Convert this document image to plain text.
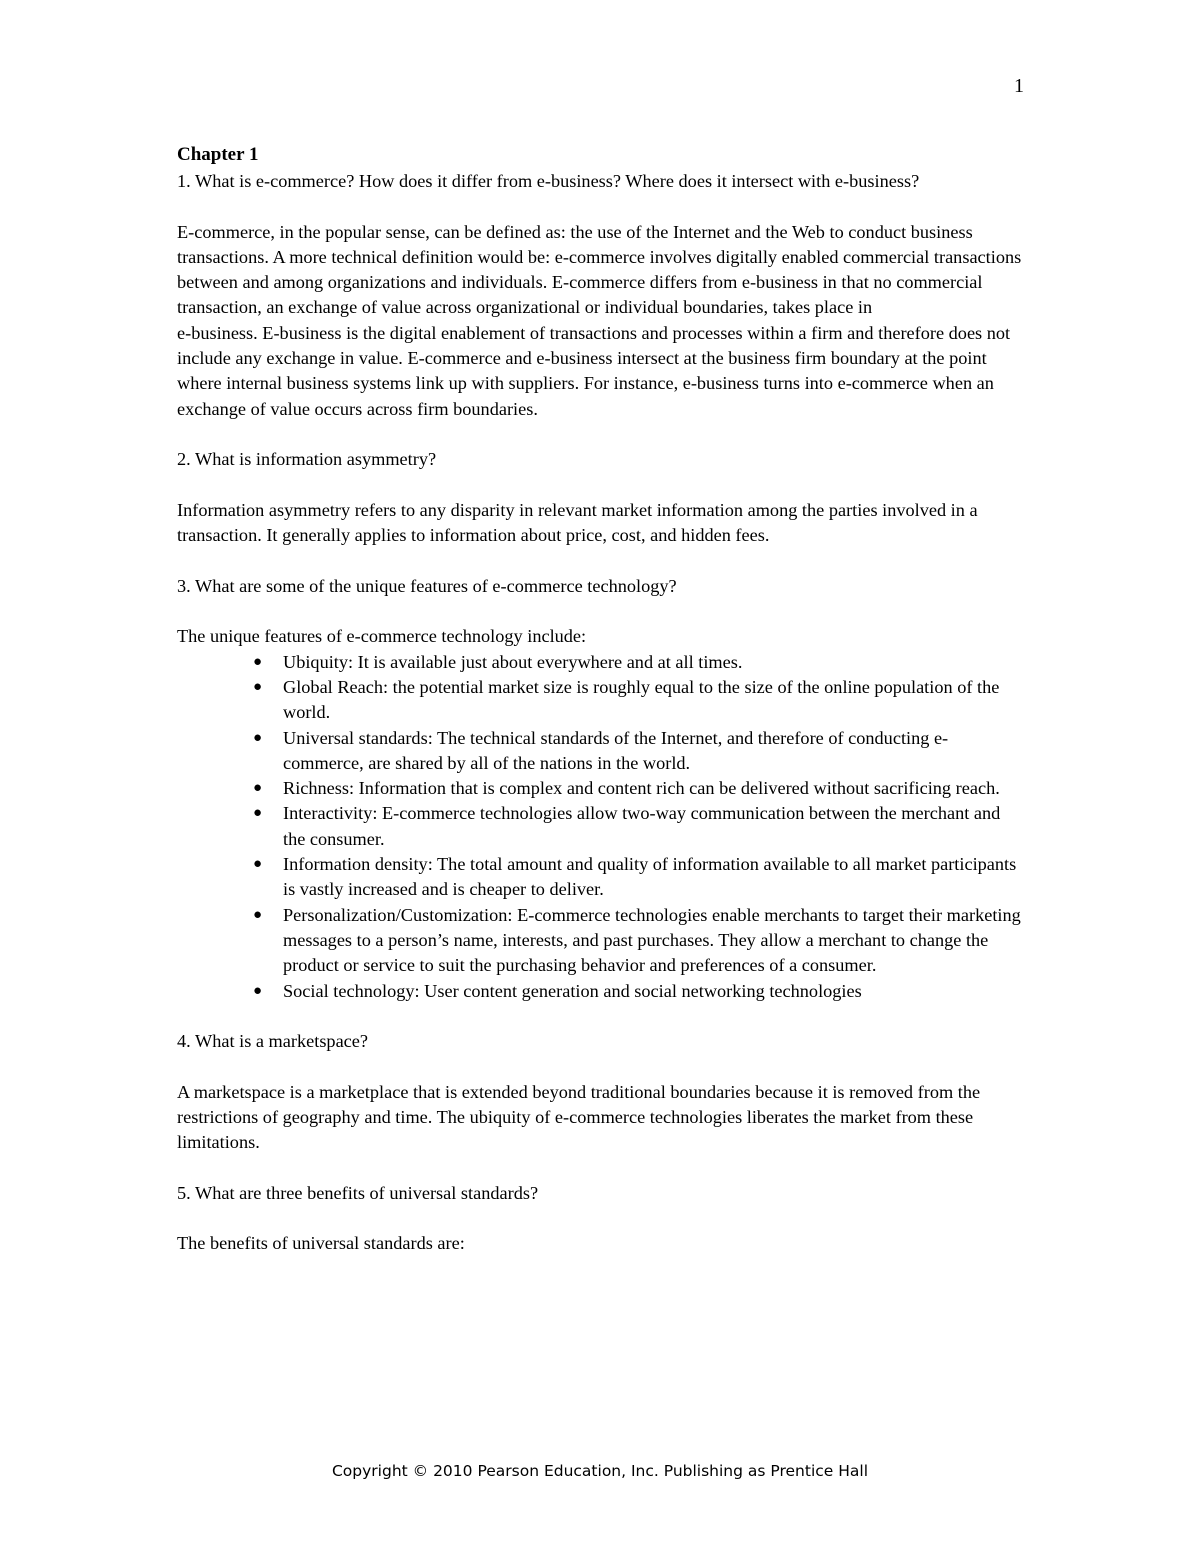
1

Chapter 1

1. What is e-commerce? How does it differ from e-business? Where does it intersect with e-business?

E-commerce, in the popular sense, can be defined as: the use of the Internet and the Web to conduct business transactions. A more technical definition would be: e-commerce involves digitally enabled commercial transactions between and among organizations and individuals. E-commerce differs from e-business in that no commercial transaction, an exchange of value across organizational or individual boundaries, takes place in
e-business. E-business is the digital enablement of transactions and processes within a firm and therefore does not include any exchange in value. E-commerce and e-business intersect at the business firm boundary at the point where internal business systems link up with suppliers. For instance, e-business turns into e-commerce when an exchange of value occurs across firm boundaries.

2. What is information asymmetry?

Information asymmetry refers to any disparity in relevant market information among the parties involved in a transaction. It generally applies to information about price, cost, and hidden fees.

3. What are some of the unique features of e-commerce technology?

The unique features of e-commerce technology include:

● Ubiquity: It is available just about everywhere and at all times.
● Global Reach: the potential market size is roughly equal to the size of the online population of the world.
● Universal standards: The technical standards of the Internet, and therefore of conducting e-commerce, are shared by all of the nations in the world.
● Richness: Information that is complex and content rich can be delivered without sacrificing reach.
● Interactivity: E-commerce technologies allow two-way communication between the merchant and the consumer.
● Information density: The total amount and quality of information available to all market participants is vastly increased and is cheaper to deliver.
● Personalization/Customization: E-commerce technologies enable merchants to target their marketing messages to a person’s name, interests, and past purchases. They allow a merchant to change the product or service to suit the purchasing behavior and preferences of a consumer.
● Social technology: User content generation and social networking technologies

4. What is a marketspace?

A marketspace is a marketplace that is extended beyond traditional boundaries because it is removed from the restrictions of geography and time. The ubiquity of e-commerce technologies liberates the market from these limitations.

5. What are three benefits of universal standards?

The benefits of universal standards are:

Copyright © 2010 Pearson Education, Inc. Publishing as Prentice Hall
